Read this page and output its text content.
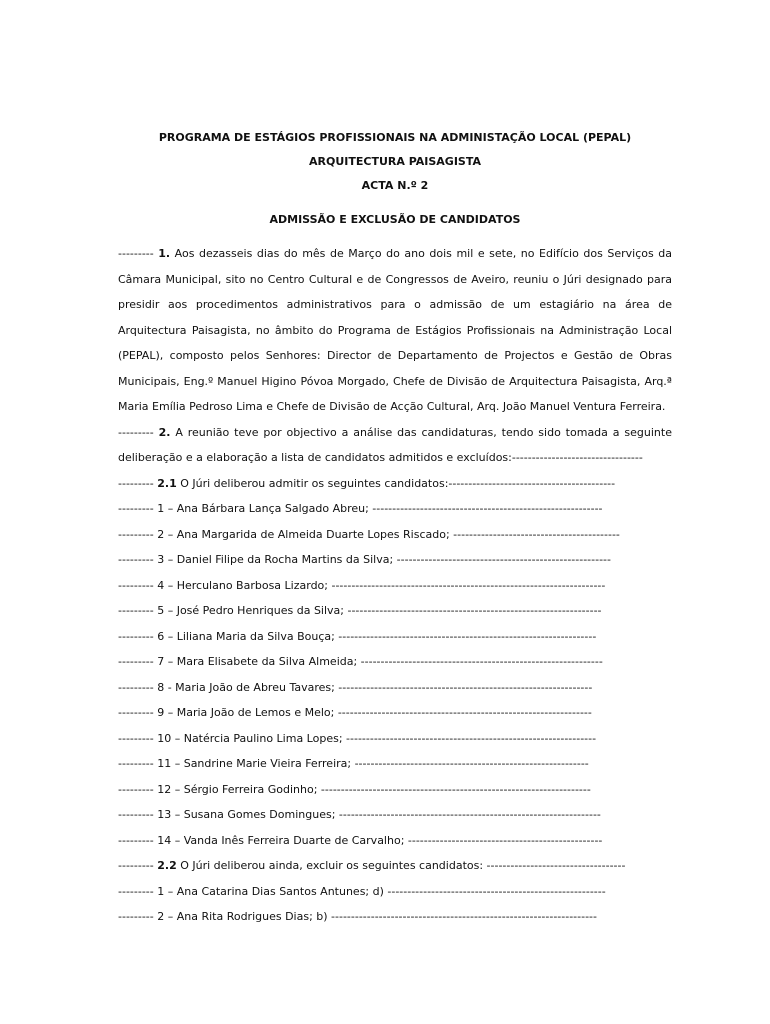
PROGRAMA DE ESTÁGIOS PROFISSIONAIS NA ADMINISTAÇÃO LOCAL (PEPAL)
ARQUITECTURA PAISAGISTA
ACTA N.º 2
ADMISSÃO E EXCLUSÃO DE CANDIDATOS
--------- 1. Aos dezasseis dias do mês de Março do ano dois mil e sete, no Edifício dos Serviços da
Câmara Municipal, sito no Centro Cultural e de Congressos de Aveiro, reuniu o Júri designado para
presidir aos procedimentos administrativos para o admissão de um estagiário na área de
Arquitectura Paisagista, no âmbito do Programa de Estágios Profissionais na Administração Local
(PEPAL), composto pelos Senhores: Director de Departamento de Projectos e Gestão de Obras
Municipais, Eng.º Manuel Higino Póvoa Morgado, Chefe de Divisão de Arquitectura Paisagista, Arq.ª
Maria Emília Pedroso Lima e Chefe de Divisão de Acção Cultural, Arq. João Manuel Ventura Ferreira.
--------- 2. A reunião teve por objectivo a análise das candidaturas, tendo sido tomada a seguinte
deliberação e a elaboração a lista de candidatos admitidos e excluídos:---------------------------------
--------- 2.1 O Júri deliberou admitir os seguintes candidatos:------------------------------------------
--------- 1 – Ana Bárbara Lança Salgado Abreu; ----------------------------------------------------------
--------- 2 – Ana Margarida de Almeida Duarte Lopes Riscado; ------------------------------------------
--------- 3 – Daniel Filipe da Rocha Martins da Silva; ------------------------------------------------------
--------- 4 – Herculano Barbosa Lizardo; ---------------------------------------------------------------------
--------- 5 – José Pedro Henriques da Silva; ----------------------------------------------------------------
--------- 6 – Liliana Maria da Silva Bouça; -----------------------------------------------------------------
--------- 7 – Mara Elisabete da Silva Almeida; -------------------------------------------------------------
--------- 8 - Maria João de Abreu Tavares; ----------------------------------------------------------------
--------- 9 – Maria João de Lemos e Melo; ----------------------------------------------------------------
--------- 10 – Natércia Paulino Lima Lopes; ---------------------------------------------------------------
--------- 11 – Sandrine Marie Vieira Ferreira; -----------------------------------------------------------
--------- 12 – Sérgio Ferreira Godinho; --------------------------------------------------------------------
--------- 13 – Susana Gomes Domingues; ------------------------------------------------------------------
--------- 14 – Vanda Inês Ferreira Duarte de Carvalho; -------------------------------------------------
--------- 2.2 O Júri deliberou ainda, excluir os seguintes candidatos: -----------------------------------
--------- 1 – Ana Catarina Dias Santos Antunes; d) -------------------------------------------------------
--------- 2 – Ana Rita Rodrigues Dias; b) -------------------------------------------------------------------
